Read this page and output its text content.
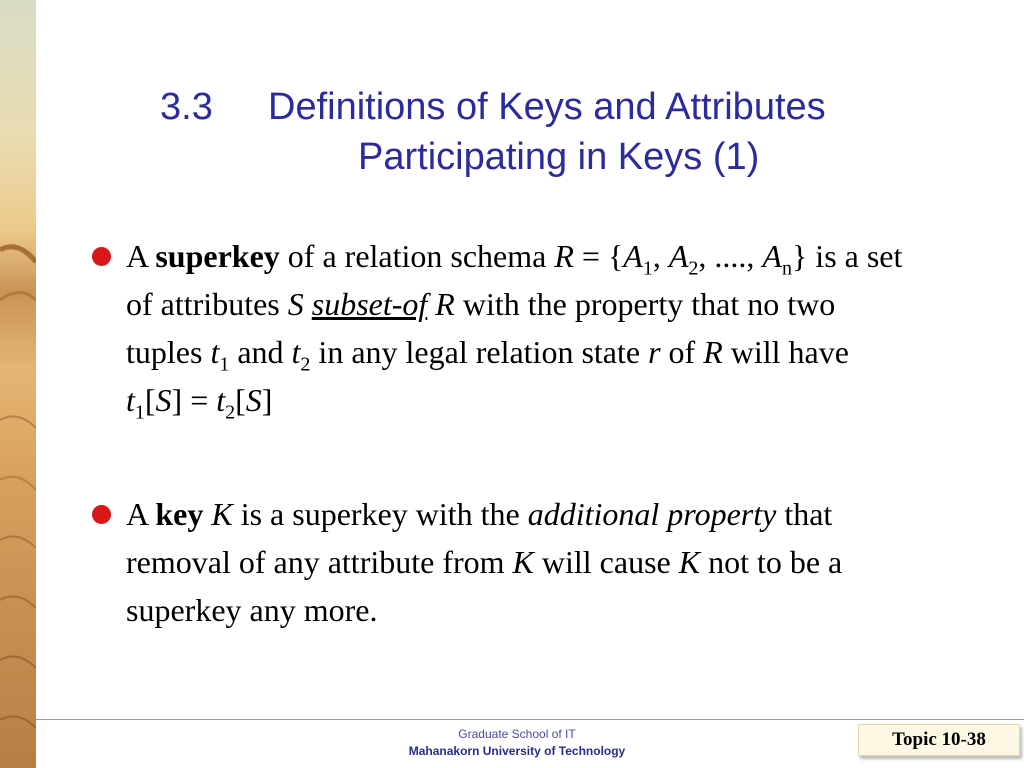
3.3 Definitions of Keys and Attributes
Participating in Keys (1)
A superkey of a relation schema $R = \{A_1$, $A_2$, ...., $A_n$} is a set of attributes S subset-of R with the property that no two tuples $t_1$ and $t_2$ in any legal relation state r of R will have $t_1[S] = t_2[S]$
A key K is a superkey with the additional property that removal of any attribute from K will cause K not to be a superkey any more.
Graduate School of IT
Mahanakorn University of Technology
Topic 10-38
